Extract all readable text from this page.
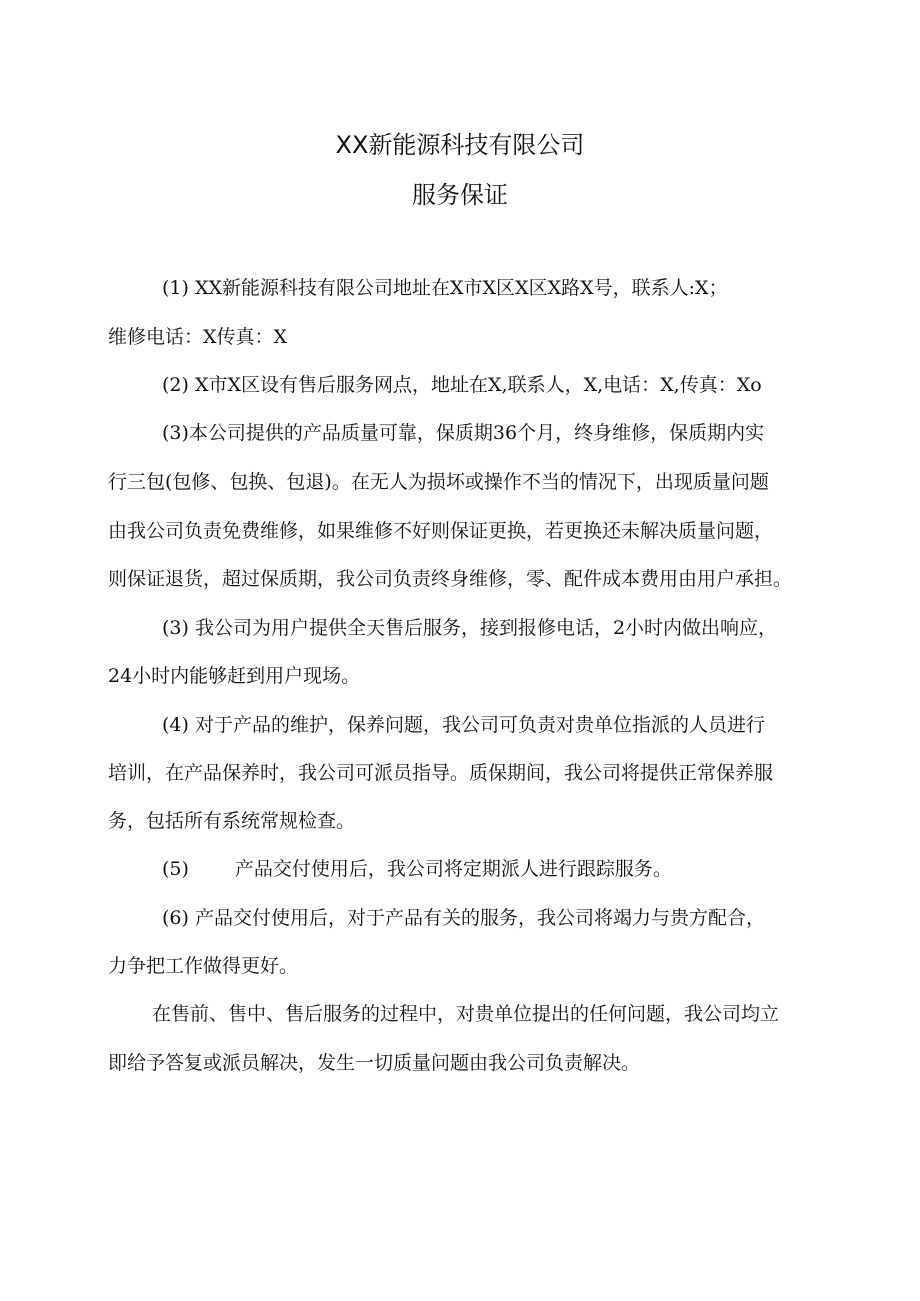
XX新能源科技有限公司
服务保证
(1) XX新能源科技有限公司地址在X市X区X区X路X号，联系人:X；
维修电话：X传真：X
(2) X市X区设有售后服务网点，地址在X,联系人，X,电话：X,传真：Xo
(3)本公司提供的产品质量可靠，保质期36个月，终身维修，保质期内实
行三包(包修、包换、包退)。在无人为损坏或操作不当的情况下，出现质量问题
由我公司负责免费维修，如果维修不好则保证更换，若更换还未解决质量问题，
则保证退货，超过保质期，我公司负责终身维修，零、配件成本费用由用户承担。
(3) 我公司为用户提供全天售后服务，接到报修电话，2小时内做出响应，
24小时内能够赶到用户现场。
(4) 对于产品的维护，保养问题，我公司可负责对贵单位指派的人员进行
培训，在产品保养时，我公司可派员指导。质保期间，我公司将提供正常保养服
务，包括所有系统常规检查。
(5) 产品交付使用后，我公司将定期派人进行跟踪服务。
(6) 产品交付使用后，对于产品有关的服务，我公司将竭力与贵方配合，
力争把工作做得更好。
在售前、售中、售后服务的过程中，对贵单位提出的任何问题，我公司均立
即给予答复或派员解决，发生一切质量问题由我公司负责解决。
